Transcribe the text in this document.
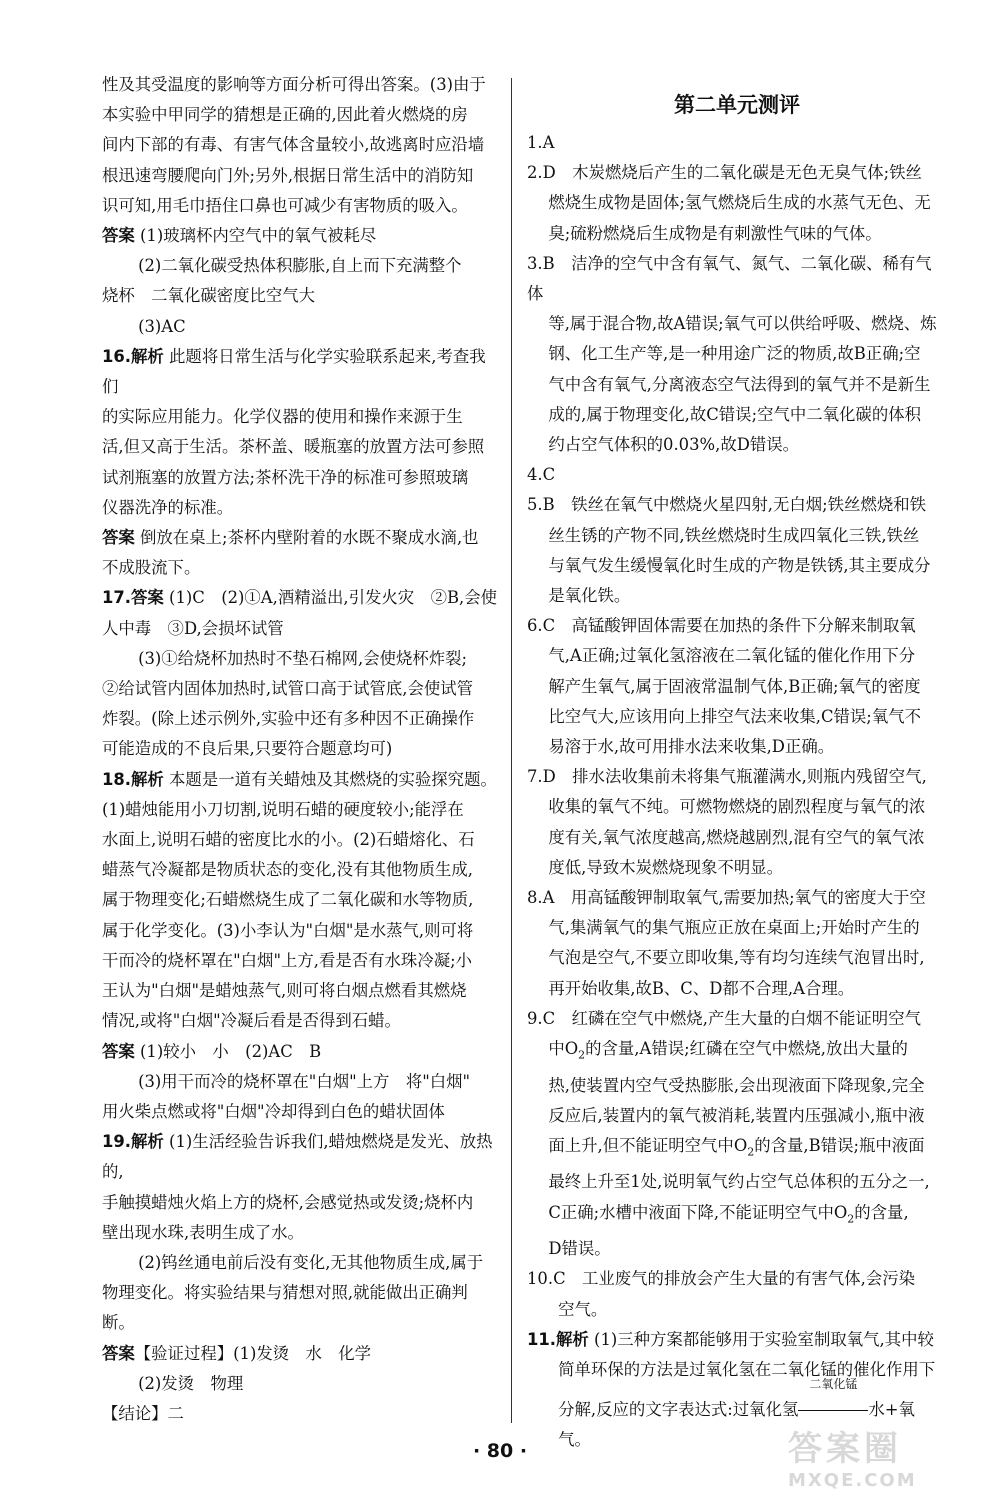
性及其受温度的影响等方面分析可得出答案。(3)由于

本实验中甲同学的猜想是正确的,因此着火燃烧的房

间内下部的有毒、有害气体含量较小,故逃离时应沿墙

根迅速弯腰爬向门外;另外,根据日常生活中的消防知

识可知,用毛巾捂住口鼻也可减少有害物质的吸入。

答案 (1)玻璃杯内空气中的氧气被耗尽

(2)二氧化碳受热体积膨胀,自上而下充满整个

烧杯　二氧化碳密度比空气大

(3)AC

16.解析 此题将日常生活与化学实验联系起来,考查我们

的实际应用能力。化学仪器的使用和操作来源于生

活,但又高于生活。茶杯盖、暖瓶塞的放置方法可参照

试剂瓶塞的放置方法;茶杯洗干净的标准可参照玻璃

仪器洗净的标准。

答案 倒放在桌上;茶杯内壁附着的水既不聚成水滴,也

不成股流下。

17.答案 (1)C　(2)①A,酒精溢出,引发火灾　②B,会使

人中毒　③D,会损坏试管

(3)①给烧杯加热时不垫石棉网,会使烧杯炸裂;

②给试管内固体加热时,试管口高于试管底,会使试管

炸裂。(除上述示例外,实验中还有多种因不正确操作

可能造成的不良后果,只要符合题意均可)

18.解析 本题是一道有关蜡烛及其燃烧的实验探究题。

(1)蜡烛能用小刀切割,说明石蜡的硬度较小;能浮在

水面上,说明石蜡的密度比水的小。(2)石蜡熔化、石

蜡蒸气冷凝都是物质状态的变化,没有其他物质生成,

属于物理变化;石蜡燃烧生成了二氧化碳和水等物质,

属于化学变化。(3)小李认为"白烟"是水蒸气,则可将

干而冷的烧杯罩在"白烟"上方,看是否有水珠冷凝;小

王认为"白烟"是蜡烛蒸气,则可将白烟点燃看其燃烧

情况,或将"白烟"冷凝后看是否得到石蜡。

答案 (1)较小　小　(2)AC　B

(3)用干而冷的烧杯罩在"白烟"上方　将"白烟"

用火柴点燃或将"白烟"冷却得到白色的蜡状固体

19.解析 (1)生活经验告诉我们,蜡烛燃烧是发光、放热的,

手触摸蜡烛火焰上方的烧杯,会感觉热或发烫;烧杯内

壁出现水珠,表明生成了水。

(2)钨丝通电前后没有变化,无其他物质生成,属于

物理变化。将实验结果与猜想对照,就能做出正确判断。

答案【验证过程】(1)发烫　水　化学

(2)发烫　物理

【结论】二

第二单元测评

1.A

2.D　木炭燃烧后产生的二氧化碳是无色无臭气体;铁丝

燃烧生成物是固体;氢气燃烧后生成的水蒸气无色、无

臭;硫粉燃烧后生成物是有刺激性气味的气体。

3.B　洁净的空气中含有氧气、氮气、二氧化碳、稀有气体

等,属于混合物,故A错误;氧气可以供给呼吸、燃烧、炼

钢、化工生产等,是一种用途广泛的物质,故B正确;空

气中含有氧气,分离液态空气法得到的氧气并不是新生

成的,属于物理变化,故C错误;空气中二氧化碳的体积

约占空气体积的0.03%,故D错误。

4.C

5.B　铁丝在氧气中燃烧火星四射,无白烟;铁丝燃烧和铁

丝生锈的产物不同,铁丝燃烧时生成四氧化三铁,铁丝

与氧气发生缓慢氧化时生成的产物是铁锈,其主要成分

是氧化铁。

6.C　高锰酸钾固体需要在加热的条件下分解来制取氧

气,A正确;过氧化氢溶液在二氧化锰的催化作用下分

解产生氧气,属于固液常温制气体,B正确;氧气的密度

比空气大,应该用向上排空气法来收集,C错误;氧气不

易溶于水,故可用排水法来收集,D正确。

7.D　排水法收集前未将集气瓶灌满水,则瓶内残留空气,

收集的氧气不纯。可燃物燃烧的剧烈程度与氧气的浓

度有关,氧气浓度越高,燃烧越剧烈,混有空气的氧气浓

度低,导致木炭燃烧现象不明显。

8.A　用高锰酸钾制取氧气,需要加热;氧气的密度大于空

气,集满氧气的集气瓶应正放在桌面上;开始时产生的

气泡是空气,不要立即收集,等有均匀连续气泡冒出时,

再开始收集,故B、C、D都不合理,A合理。

9.C　红磷在空气中燃烧,产生大量的白烟不能证明空气

中$O_2$的含量,A错误;红磷在空气中燃烧,放出大量的

热,使装置内空气受热膨胀,会出现液面下降现象,完全

反应后,装置内的氧气被消耗,装置内压强减小,瓶中液

面上升,但不能证明空气中$O_2$的含量,B错误;瓶中液面

最终上升至1处,说明氧气约占空气总体积的五分之一,

C正确;水槽中液面下降,不能证明空气中$O_2$的含量,

D错误。

10.C　工业废气的排放会产生大量的有害气体,会污染

空气。

11.解析 (1)三种方案都能够用于实验室制取氧气,其中较

简单环保的方法是过氧化氢在二氧化锰的催化作用下

分解,反应的文字表达式:过氧化氢
二氧化锰
水+氧气。

· 80 ·	答案圈
MXQE.COM
